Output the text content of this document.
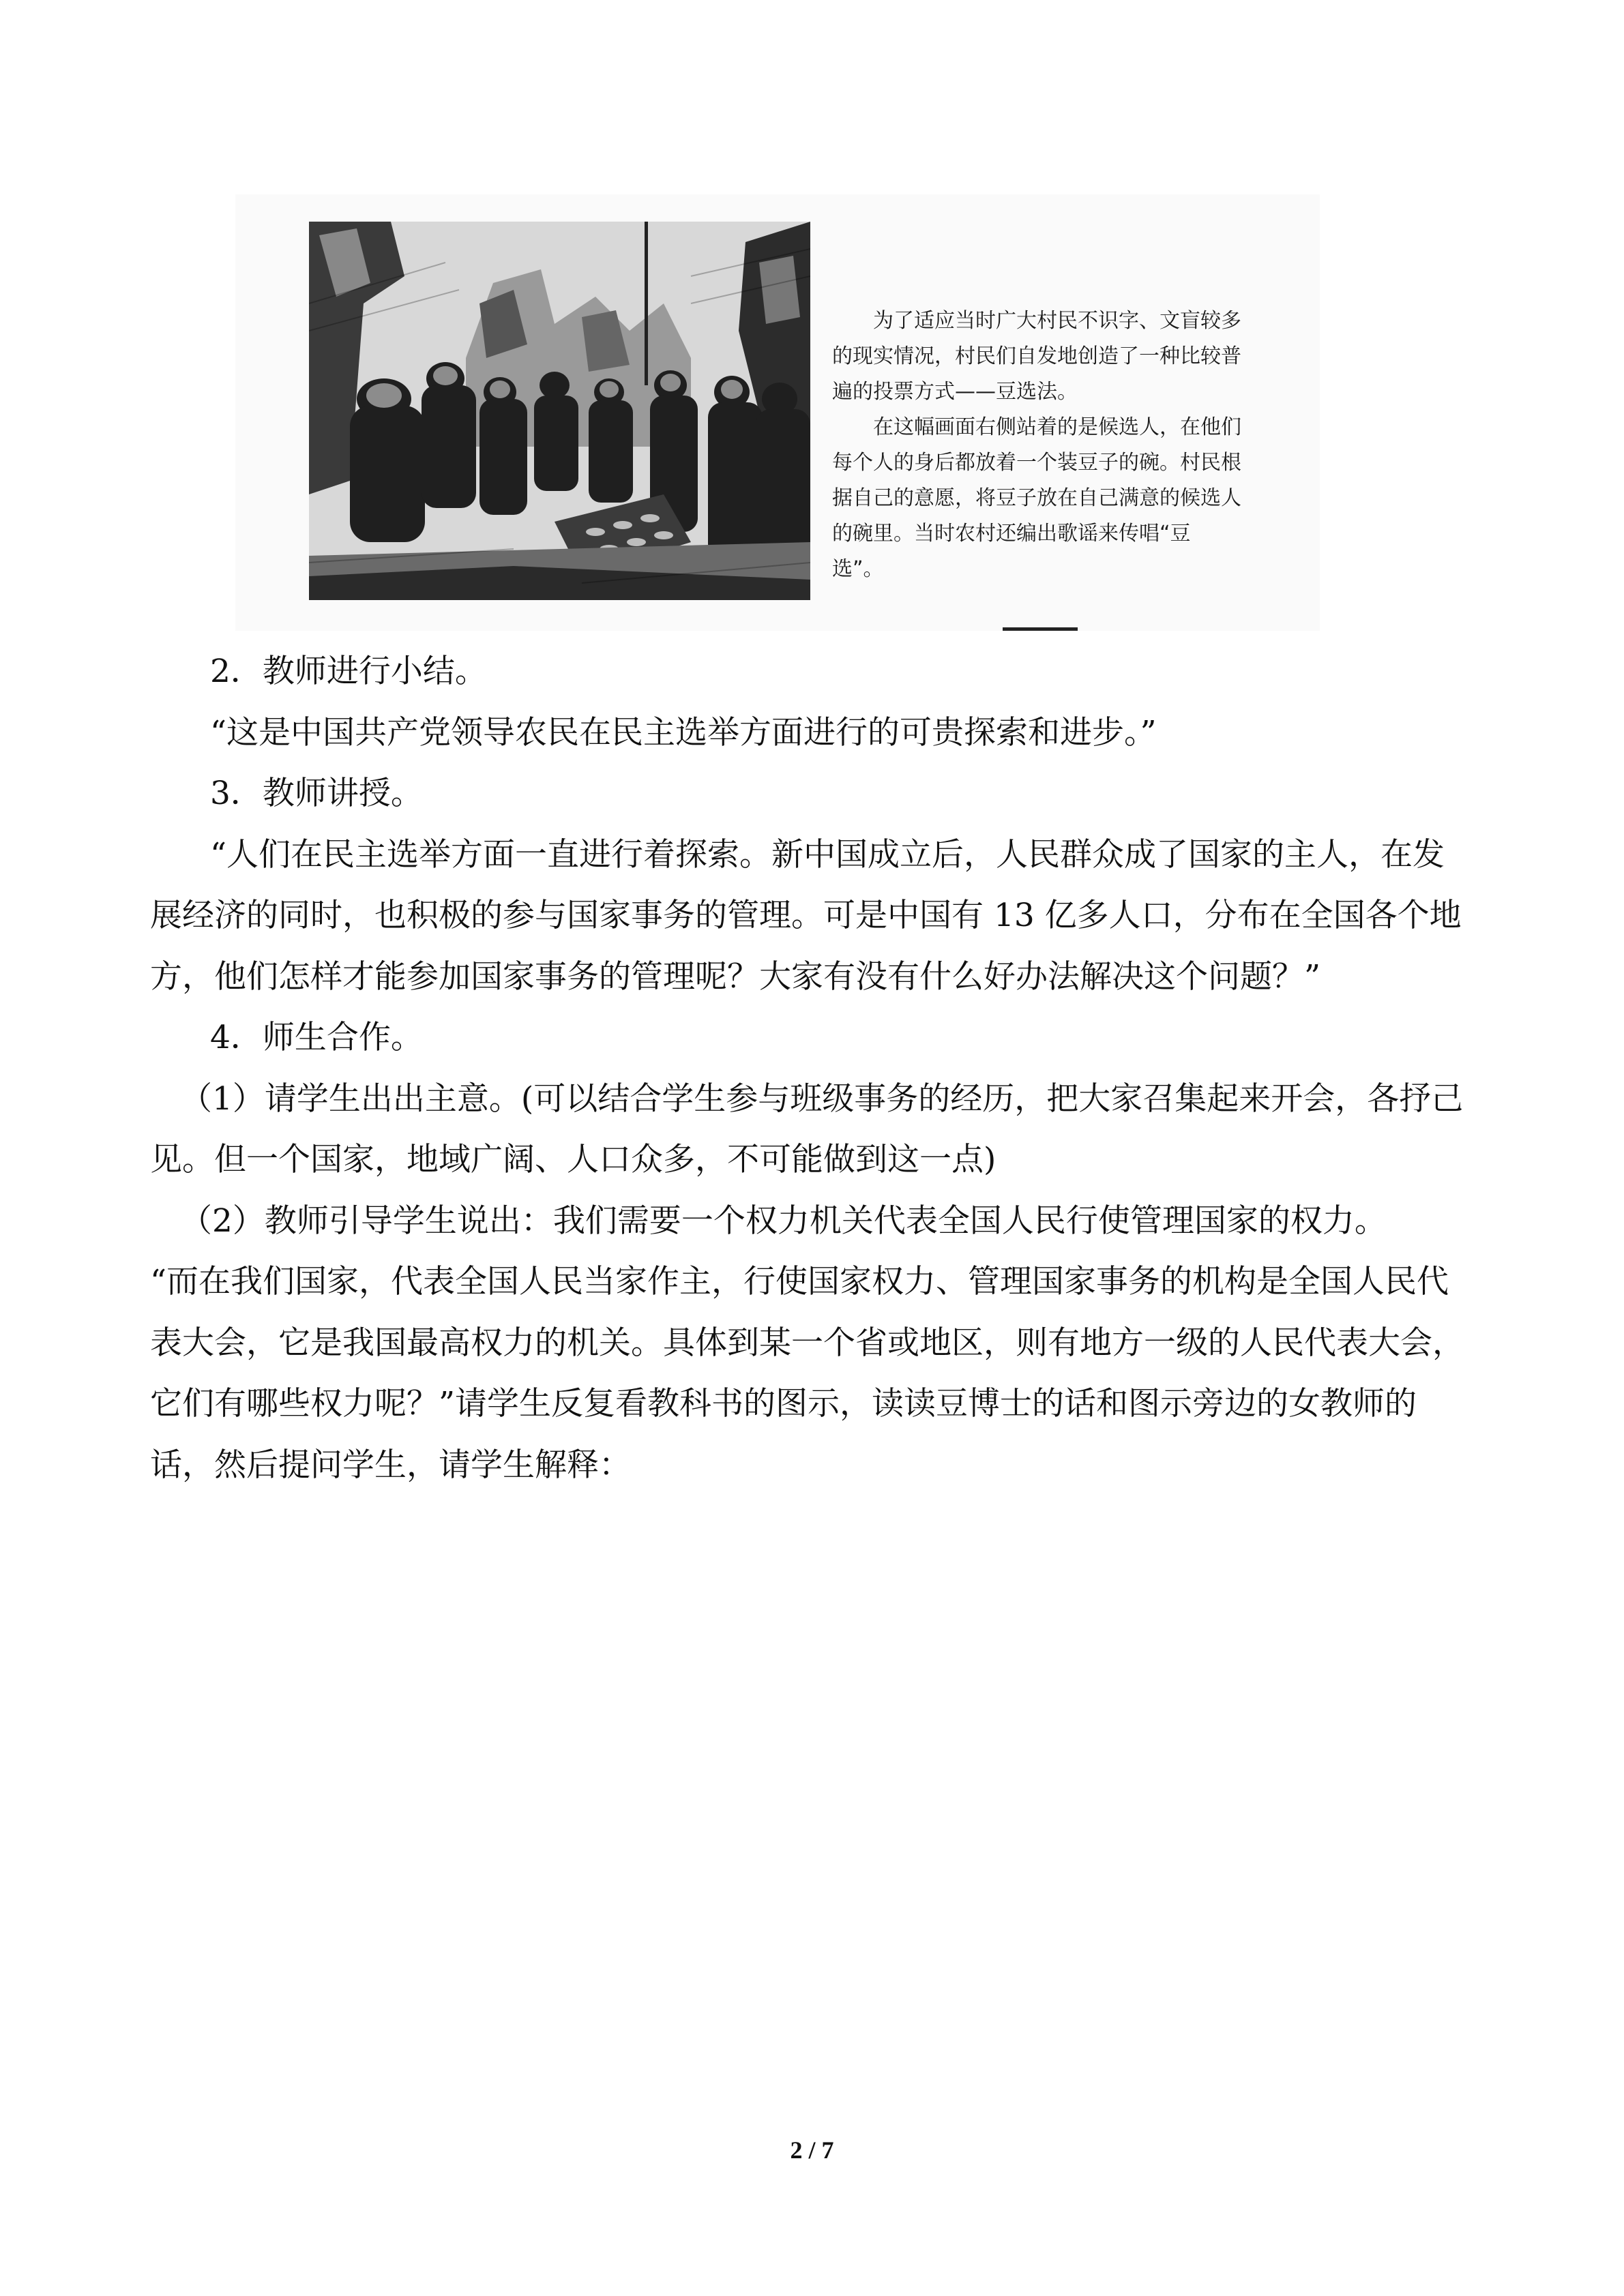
为了适应当时广大村民不识字、文盲较多的现实情况，村民们自发地创造了一种比较普遍的投票方式——豆选法。

在这幅画面右侧站着的是候选人，在他们每个人的身后都放着一个装豆子的碗。村民根据自己的意愿，将豆子放在自己满意的候选人的碗里。当时农村还编出歌谣来传唱“豆选”。

2．教师进行小结。

“这是中国共产党领导农民在民主选举方面进行的可贵探索和进步。”

3．教师讲授。

“人们在民主选举方面一直进行着探索。新中国成立后，人民群众成了国家的主人，在发展经济的同时，也积极的参与国家事务的管理。可是中国有 13 亿多人口，分布在全国各个地方，他们怎样才能参加国家事务的管理呢？大家有没有什么好办法解决这个问题？”

4．师生合作。

（1）请学生出出主意。(可以结合学生参与班级事务的经历，把大家召集起来开会，各抒己见。但一个国家，地域广阔、人口众多，不可能做到这一点)

（2）教师引导学生说出：我们需要一个权力机关代表全国人民行使管理国家的权力。

“而在我们国家，代表全国人民当家作主，行使国家权力、管理国家事务的机构是全国人民代表大会，它是我国最高权力的机关。具体到某一个省或地区，则有地方一级的人民代表大会，它们有哪些权力呢？”请学生反复看教科书的图示，读读豆博士的话和图示旁边的女教师的话，然后提问学生，请学生解释：

2 / 7
